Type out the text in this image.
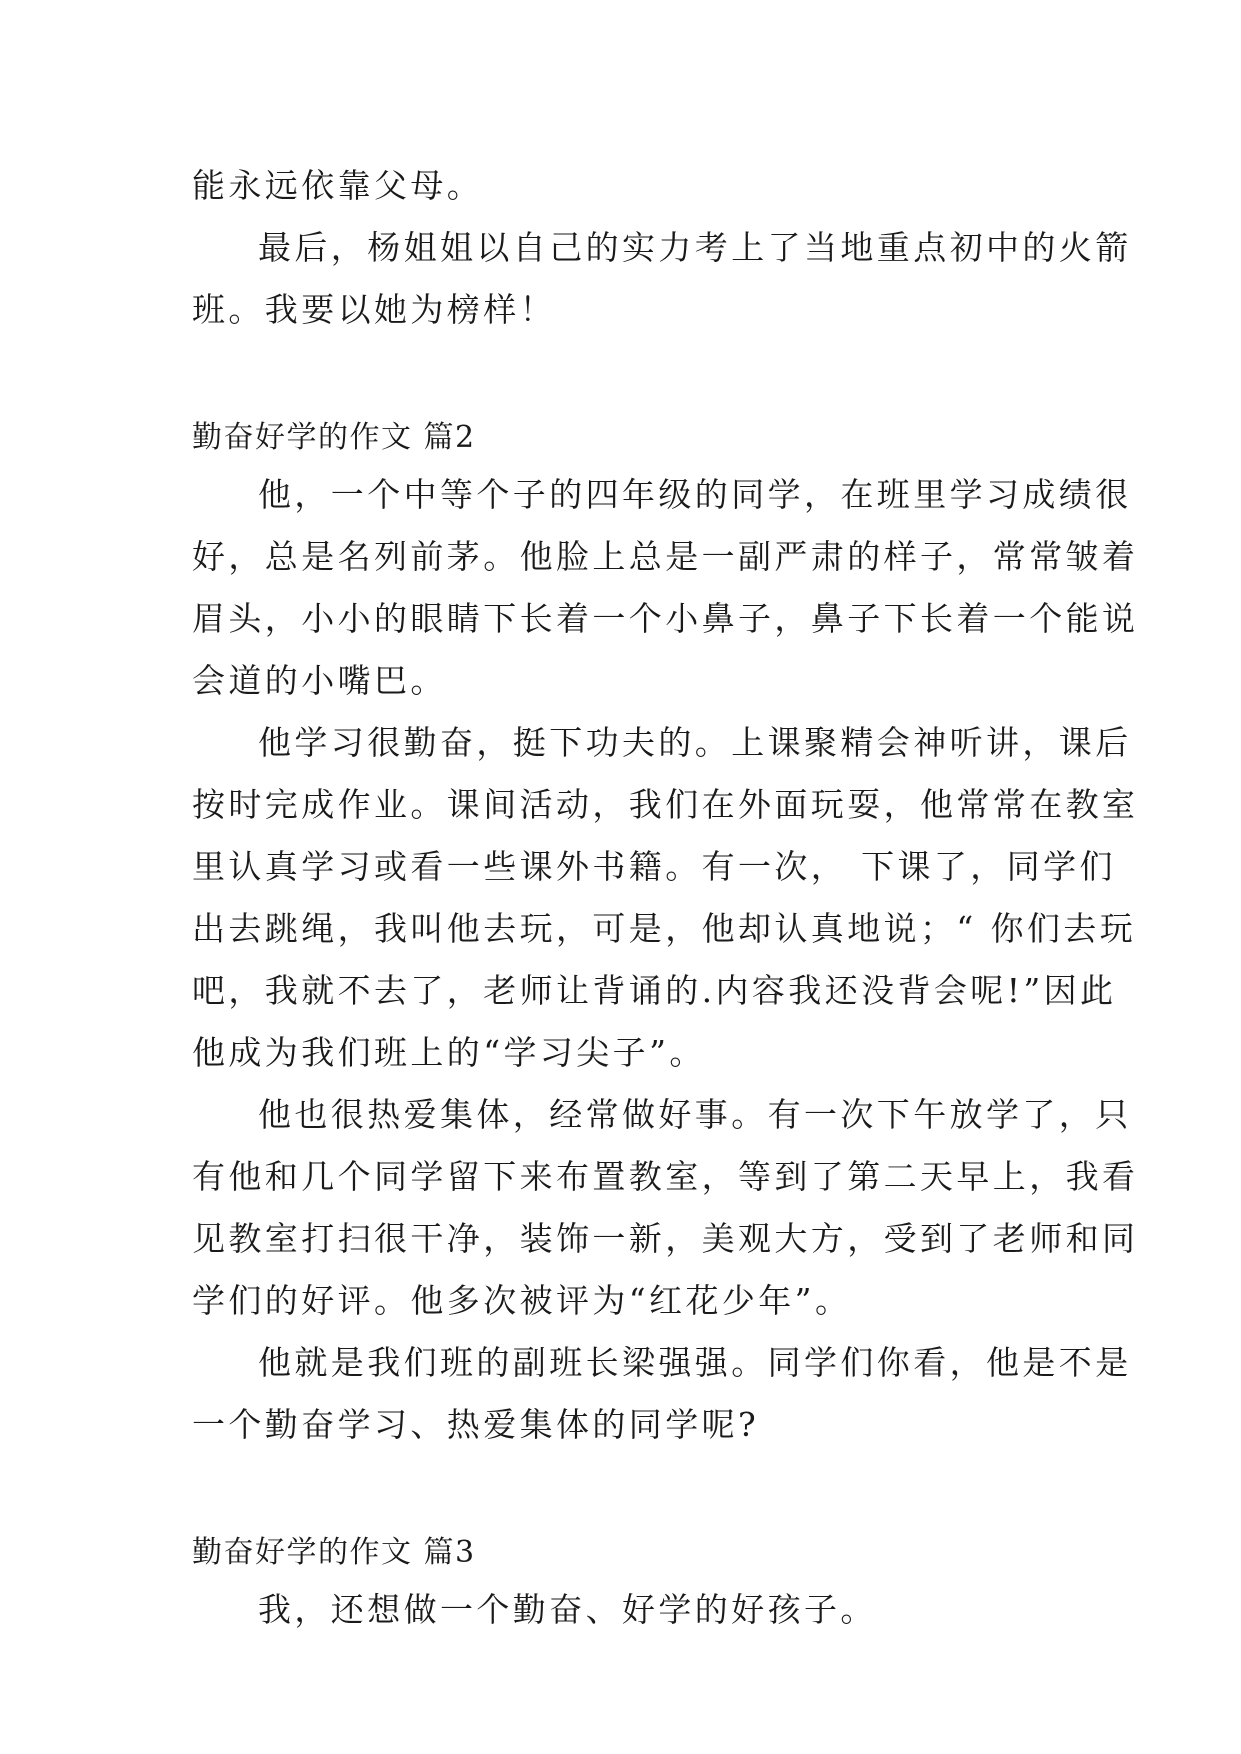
能永远依靠父母。
最后，杨姐姐以自己的实力考上了当地重点初中的火箭
班。我要以她为榜样！
勤奋好学的作文 篇2
他，一个中等个子的四年级的同学，在班里学习成绩很
好，总是名列前茅。他脸上总是一副严肃的样子，常常皱着
眉头，小小的眼睛下长着一个小鼻子，鼻子下长着一个能说
会道的小嘴巴。
他学习很勤奋，挺下功夫的。上课聚精会神听讲，课后
按时完成作业。课间活动，我们在外面玩耍，他常常在教室
里认真学习或看一些课外书籍。有一次， 下课了，同学们
出去跳绳，我叫他去玩，可是，他却认真地说；“ 你们去玩
吧，我就不去了，老师让背诵的.内容我还没背会呢!”因此
他成为我们班上的“学习尖子”。
他也很热爱集体，经常做好事。有一次下午放学了，只
有他和几个同学留下来布置教室，等到了第二天早上，我看
见教室打扫很干净，装饰一新，美观大方，受到了老师和同
学们的好评。他多次被评为“红花少年”。
他就是我们班的副班长梁强强。同学们你看，他是不是
一个勤奋学习、热爱集体的同学呢?
勤奋好学的作文 篇3
我，还想做一个勤奋、好学的好孩子。
